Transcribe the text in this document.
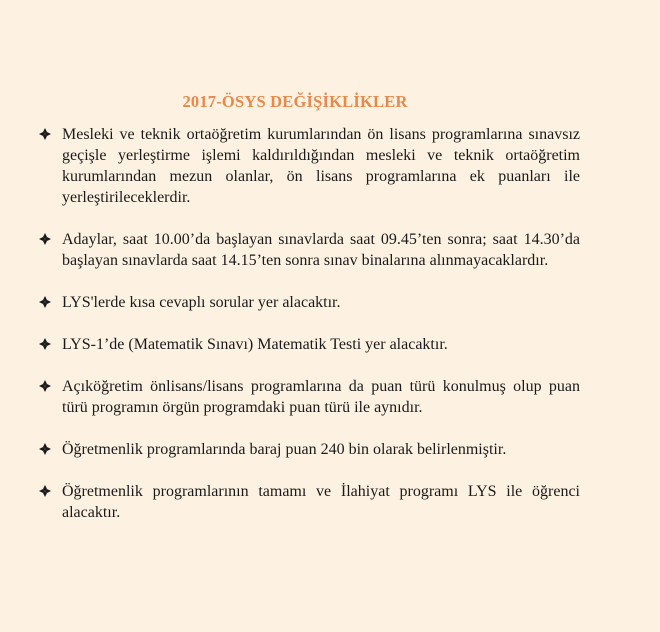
2017-ÖSYS DEĞİŞİKLİKLER
Mesleki ve teknik ortaöğretim kurumlarından ön lisans programlarına sınavsız geçişle yerleştirme işlemi kaldırıldığından mesleki ve teknik ortaöğretim kurumlarından mezun olanlar, ön lisans programlarına ek puanları ile yerleştirileceklerdir.
Adaylar, saat 10.00’da başlayan sınavlarda saat 09.45’ten sonra; saat 14.30’da başlayan sınavlarda saat 14.15’ten sonra sınav binalarına alınmayacaklardır.
LYS'lerde kısa cevaplı sorular yer alacaktır.
LYS-1’de (Matematik Sınavı) Matematik Testi yer alacaktır.
Açıköğretim önlisans/lisans programlarına da puan türü konulmuş olup puan türü programın örgün programdaki puan türü ile aynıdır.
Öğretmenlik programlarında baraj puan 240 bin olarak belirlenmiştir.
Öğretmenlik programlarının tamamı ve İlahiyat programı LYS ile öğrenci alacaktır.
